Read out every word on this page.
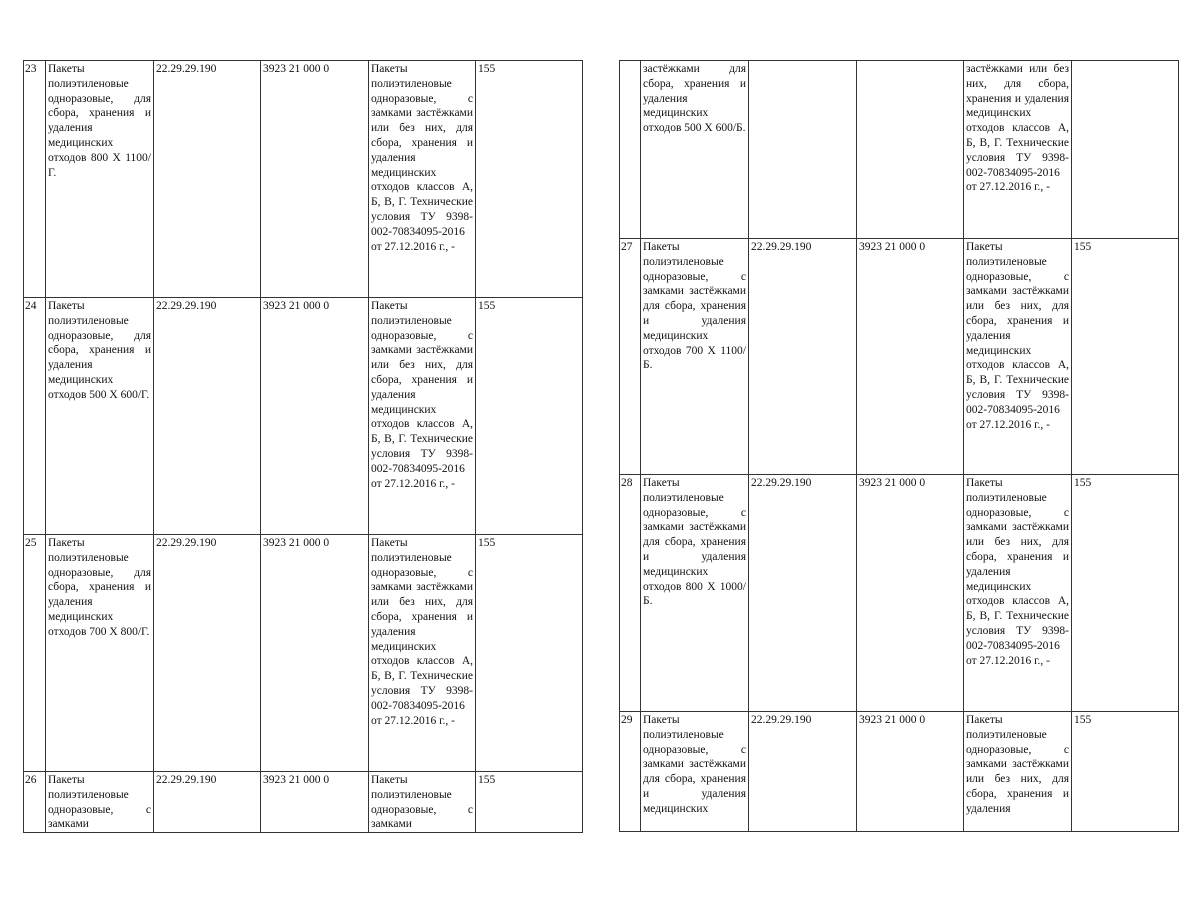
23	Пакеты полиэтиленовые одноразовые, для сбора, хранения и удаления медицинских отходов 800 Х 1100/Г.	22.29.29.190	3923 21 000 0	Пакеты полиэтиленовые одноразовые, с замками застёжками или без них, для сбора, хранения и удаления медицинских отходов классов А, Б, В, Г. Технические условия ТУ 9398-002-70834095-2016 от 27.12.2016 г., -	155
24	Пакеты полиэтиленовые одноразовые, для сбора, хранения и удаления медицинских отходов 500 Х 600/Г.	22.29.29.190	3923 21 000 0	Пакеты полиэтиленовые одноразовые, с замками застёжками или без них, для сбора, хранения и удаления медицинских отходов классов А, Б, В, Г. Технические условия ТУ 9398-002-70834095-2016 от 27.12.2016 г., -	155
25	Пакеты полиэтиленовые одноразовые, для сбора, хранения и удаления медицинских отходов 700 Х 800/Г.	22.29.29.190	3923 21 000 0	Пакеты полиэтиленовые одноразовые, с замками застёжками или без них, для сбора, хранения и удаления медицинских отходов классов А, Б, В, Г. Технические условия ТУ 9398-002-70834095-2016 от 27.12.2016 г., -	155
26	Пакеты полиэтиленовые одноразовые, с замками	22.29.29.190	3923 21 000 0	Пакеты полиэтиленовые одноразовые, с замками	155
	застёжками для сбора, хранения и удаления медицинских отходов 500 Х 600/Б.			застёжками или без них, для сбора, хранения и удаления медицинских отходов классов А, Б, В, Г. Технические условия ТУ 9398-002-70834095-2016 от 27.12.2016 г., -	
27	Пакеты полиэтиленовые одноразовые, с замками застёжками для сбора, хранения и удаления медицинских отходов 700 Х 1100/Б.	22.29.29.190	3923 21 000 0	Пакеты полиэтиленовые одноразовые, с замками застёжками или без них, для сбора, хранения и удаления медицинских отходов классов А, Б, В, Г. Технические условия ТУ 9398-002-70834095-2016 от 27.12.2016 г., -	155
28	Пакеты полиэтиленовые одноразовые, с замками застёжками для сбора, хранения и удаления медицинских отходов 800 Х 1000/Б.	22.29.29.190	3923 21 000 0	Пакеты полиэтиленовые одноразовые, с замками застёжками или без них, для сбора, хранения и удаления медицинских отходов классов А, Б, В, Г. Технические условия ТУ 9398-002-70834095-2016 от 27.12.2016 г., -	155
29	Пакеты полиэтиленовые одноразовые, с замками застёжками для сбора, хранения и удаления медицинских	22.29.29.190	3923 21 000 0	Пакеты полиэтиленовые одноразовые, с замками застёжками или без них, для сбора, хранения и удаления	155
